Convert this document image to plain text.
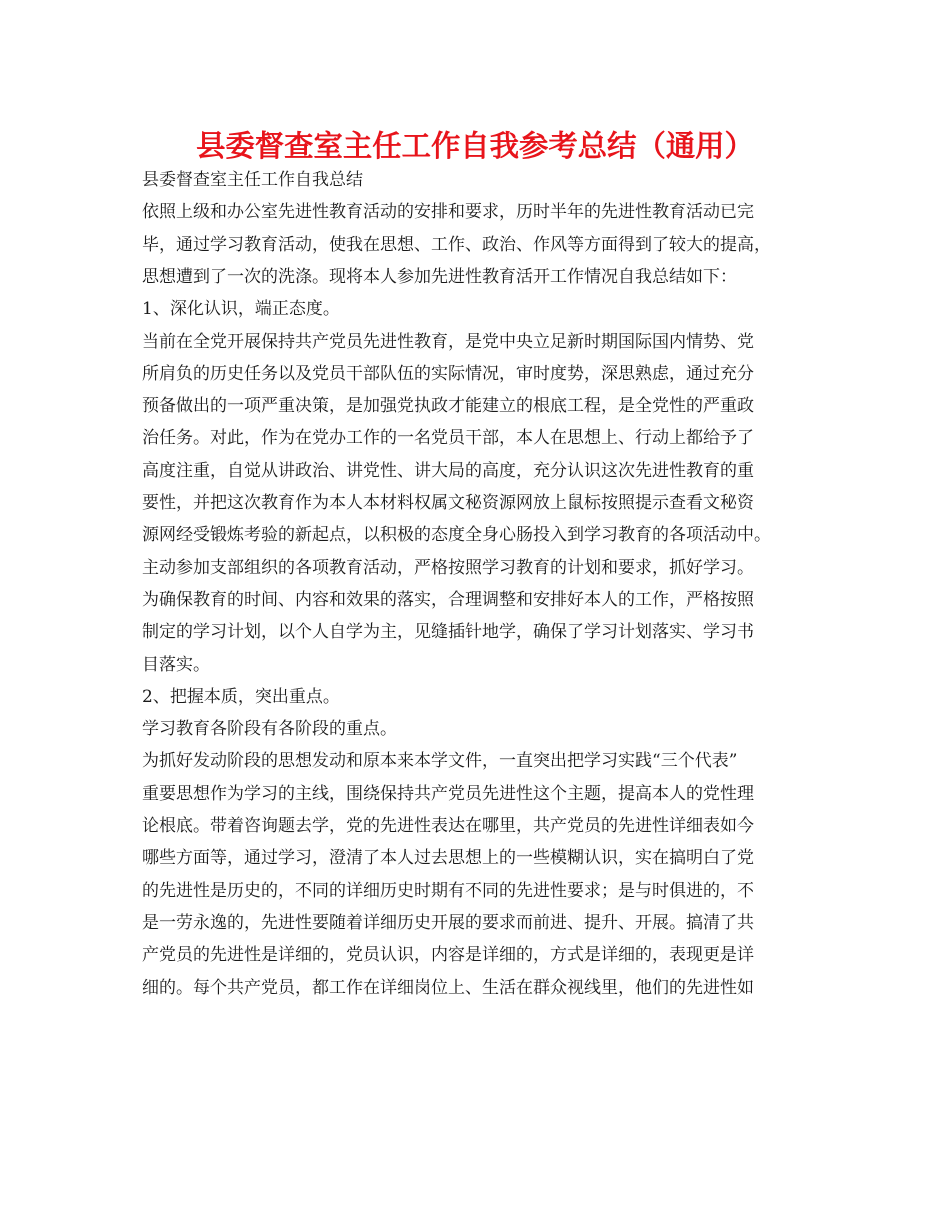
县委督查室主任工作自我参考总结（通用）
县委督查室主任工作自我总结
依照上级和办公室先进性教育活动的安排和要求，历时半年的先进性教育活动已完
毕，通过学习教育活动，使我在思想、工作、政治、作风等方面得到了较大的提高，
思想遭到了一次的洗涤。现将本人参加先进性教育活开工作情况自我总结如下：
1、深化认识，端正态度。
当前在全党开展保持共产党员先进性教育，是党中央立足新时期国际国内情势、党
所肩负的历史任务以及党员干部队伍的实际情况，审时度势，深思熟虑，通过充分
预备做出的一项严重决策，是加强党执政才能建立的根底工程，是全党性的严重政
治任务。对此，作为在党办工作的一名党员干部，本人在思想上、行动上都给予了
高度注重，自觉从讲政治、讲党性、讲大局的高度，充分认识这次先进性教育的重
要性，并把这次教育作为本人本材料权属文秘资源网放上鼠标按照提示查看文秘资
源网经受锻炼考验的新起点，以积极的态度全身心肠投入到学习教育的各项活动中。
主动参加支部组织的各项教育活动，严格按照学习教育的计划和要求，抓好学习。
为确保教育的时间、内容和效果的落实，合理调整和安排好本人的工作，严格按照
制定的学习计划，以个人自学为主，见缝插针地学，确保了学习计划落实、学习书
目落实。
2、把握本质，突出重点。
学习教育各阶段有各阶段的重点。
为抓好发动阶段的思想发动和原本来本学文件，一直突出把学习实践“三个代表”
重要思想作为学习的主线，围绕保持共产党员先进性这个主题，提高本人的党性理
论根底。带着咨询题去学，党的先进性表达在哪里，共产党员的先进性详细表如今
哪些方面等，通过学习，澄清了本人过去思想上的一些模糊认识，实在搞明白了党
的先进性是历史的，不同的详细历史时期有不同的先进性要求；是与时俱进的，不
是一劳永逸的，先进性要随着详细历史开展的要求而前进、提升、开展。搞清了共
产党员的先进性是详细的，党员认识，内容是详细的，方式是详细的，表现更是详
细的。每个共产党员，都工作在详细岗位上、生活在群众视线里，他们的先进性如
